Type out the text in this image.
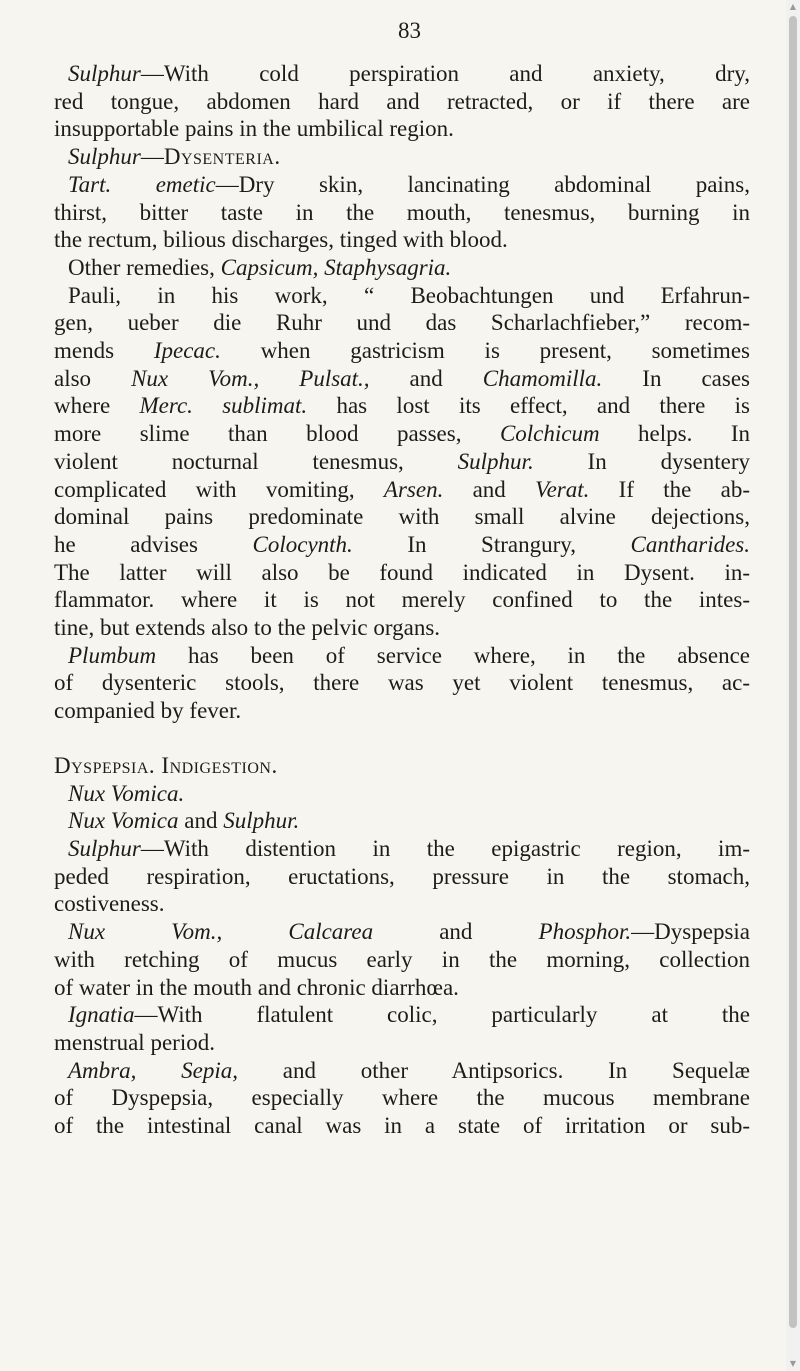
83
Sulphur—With cold perspiration and anxiety, dry,
red tongue, abdomen hard and retracted, or if there are
insupportable pains in the umbilical region.
Sulphur—Dysenteria.
Tart. emetic—Dry skin, lancinating abdominal pains,
thirst, bitter taste in the mouth, tenesmus, burning in
the rectum, bilious discharges, tinged with blood.
Other remedies, Capsicum, Staphysagria.
Pauli, in his work, “ Beobachtungen und Erfahrun-
gen, ueber die Ruhr und das Scharlachfieber,” recom-
mends Ipecac. when gastricism is present, sometimes
also Nux Vom., Pulsat., and Chamomilla. In cases
where Merc. sublimat. has lost its effect, and there is
more slime than blood passes, Colchicum helps. In
violent nocturnal tenesmus, Sulphur. In dysentery
complicated with vomiting, Arsen. and Verat. If the ab-
dominal pains predominate with small alvine dejections,
he advises Colocynth. In Strangury, Cantharides.
The latter will also be found indicated in Dysent. in-
flammator. where it is not merely confined to the intes-
tine, but extends also to the pelvic organs.
Plumbum has been of service where, in the absence
of dysenteric stools, there was yet violent tenesmus, ac-
companied by fever.
Dyspepsia. Indigestion.
Nux Vomica.
Nux Vomica and Sulphur.
Sulphur—With distention in the epigastric region, im-
peded respiration, eructations, pressure in the stomach,
costiveness.
Nux Vom., Calcarea and Phosphor.—Dyspepsia
with retching of mucus early in the morning, collection
of water in the mouth and chronic diarrhœa.
Ignatia—With flatulent colic, particularly at the
menstrual period.
Ambra, Sepia, and other Antipsorics. In Sequelæ
of Dyspepsia, especially where the mucous membrane
of the intestinal canal was in a state of irritation or sub-
▲
▼
